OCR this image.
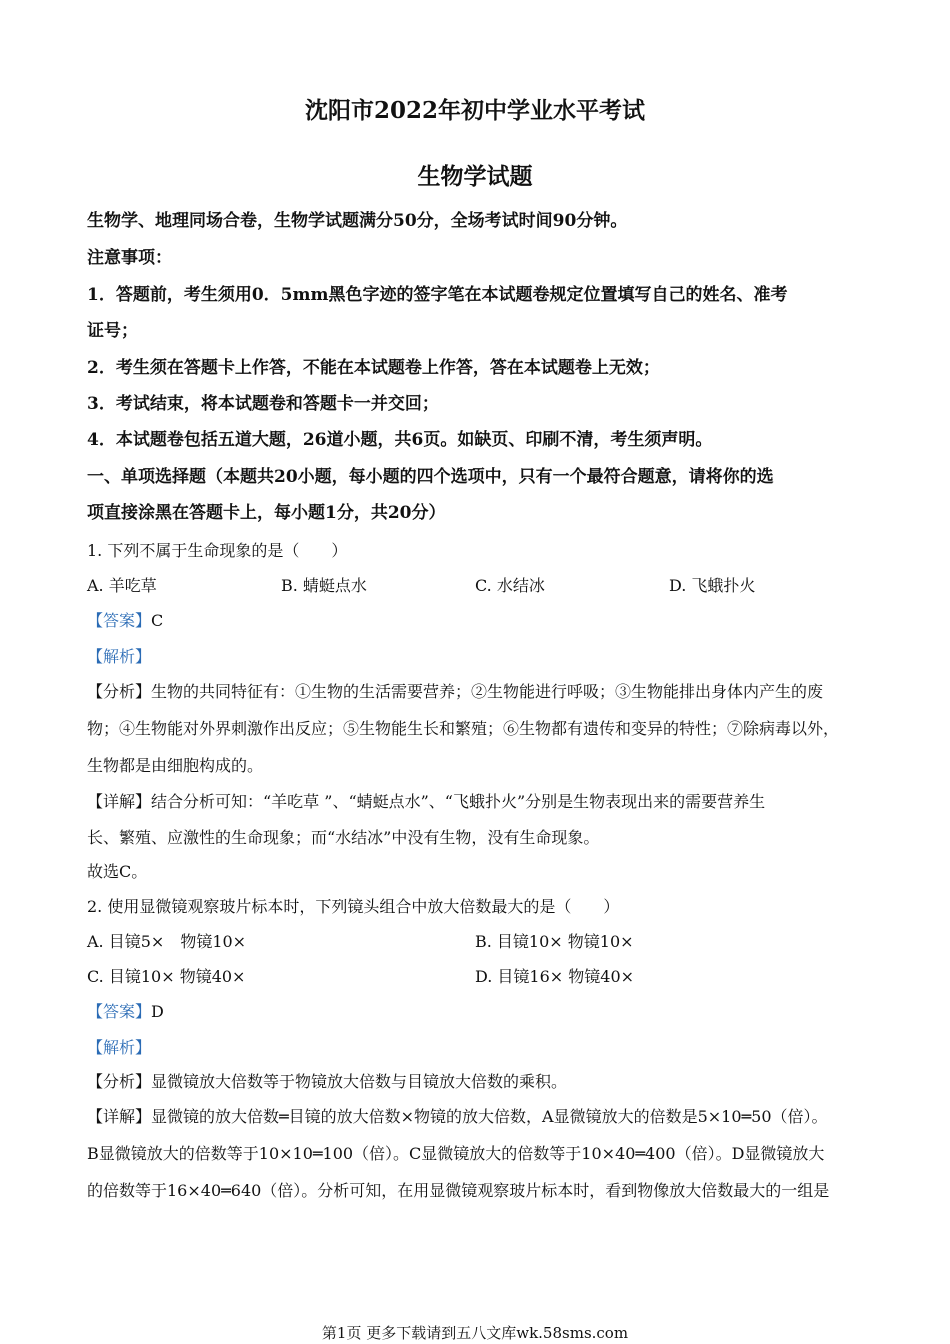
沈阳市2022年初中学业水平考试
生物学试题
生物学、地理同场合卷，生物学试题满分50分，全场考试时间90分钟。
注意事项：
1．答题前，考生须用0．5mm黑色字迹的签字笔在本试题卷规定位置填写自己的姓名、准考
证号；
2．考生须在答题卡上作答，不能在本试题卷上作答，答在本试题卷上无效；
3．考试结束，将本试题卷和答题卡一并交回；
4．本试题卷包括五道大题，26道小题，共6页。如缺页、印刷不清，考生须声明。
一、单项选择题（本题共20小题，每小题的四个选项中，只有一个最符合题意，请将你的选
项直接涂黑在答题卡上，每小题1分，共20分）
1. 下列不属于生命现象的是（　　）
A. 羊吃草	B. 蜻蜓点水	C. 水结冰	D. 飞蛾扑火
【答案】C
【解析】
【分析】生物的共同特征有：①生物的生活需要营养；②生物能进行呼吸；③生物能排出身体内产生的废
物；④生物能对外界刺激作出反应；⑤生物能生长和繁殖；⑥生物都有遗传和变异的特性；⑦除病毒以外，
生物都是由细胞构成的。
【详解】结合分析可知：“羊吃草 ”、“蜻蜓点水”、“飞蛾扑火”分别是生物表现出来的需要营养生
长、繁殖、应激性的生命现象；而“水结冰”中没有生物，没有生命现象。
故选C。
2. 使用显微镜观察玻片标本时，下列镜头组合中放大倍数最大的是（　　）
A. 目镜5×　物镜10×	B. 目镜10× 物镜10×
C. 目镜10× 物镜40×	D. 目镜16× 物镜40×
【答案】D
【解析】
【分析】显微镜放大倍数等于物镜放大倍数与目镜放大倍数的乘积。
【详解】显微镜的放大倍数═目镜的放大倍数×物镜的放大倍数，A显微镜放大的倍数是5×10═50（倍）。
B显微镜放大的倍数等于10×10═100（倍）。C显微镜放大的倍数等于10×40═400（倍）。D显微镜放大
的倍数等于16×40═640（倍）。分析可知，在用显微镜观察玻片标本时，看到物像放大倍数最大的一组是
第1页 更多下载请到五八文库wk.58sms.com
